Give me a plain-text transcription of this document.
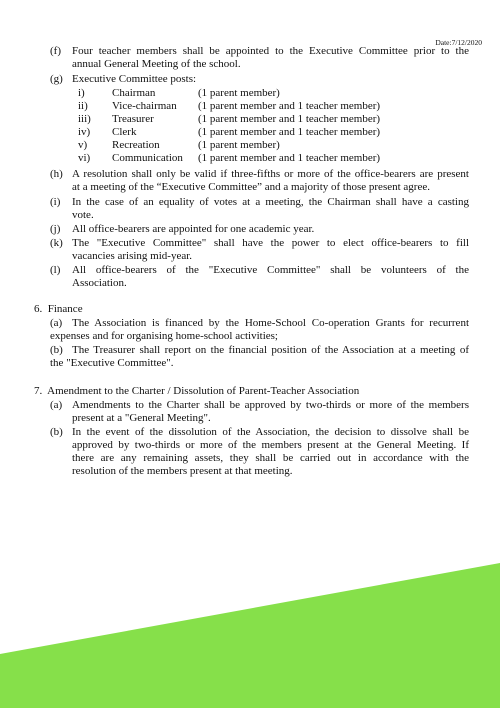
Date:7/12/2020
(f) Four teacher members shall be appointed to the Executive Committee prior to the
annual General Meeting of the school.
(g) Executive Committee posts:
i) Chairman	(1 parent member)
ii) Vice-chairman (1 parent member and 1 teacher member)
iii) Treasurer	(1 parent member and 1 teacher member)
iv) Clerk	(1 parent member and 1 teacher member)
v) Recreation	(1 parent member)
vi) Communication (1 parent member and 1 teacher member)
(h) A resolution shall only be valid if three-fifths or more of the office-bearers are present
at a meeting of the “Executive Committee” and a majority of those present agree.
(i) In the case of an equality of votes at a meeting, the Chairman shall have a casting
vote.
(j) All office-bearers are appointed for one academic year.
(k) The "Executive Committee" shall have the power to elect office-bearers to fill
vacancies arising mid-year.
(l) All office-bearers of the "Executive Committee" shall be volunteers of the
Association.
6.  Finance
(a) The Association is financed by the Home-School Co-operation Grants for recurrent
expenses and for organising home-school activities;
(b) The Treasurer shall report on the financial position of the Association at a meeting of
the "Executive Committee".
7.  Amendment to the Charter / Dissolution of Parent-Teacher Association
(a) Amendments to the Charter shall be approved by two-thirds or more of the members
present at a "General Meeting".
(b) In the event of the dissolution of the Association, the decision to dissolve shall be
approved by two-thirds or more of the members present at the General Meeting. If
there are any remaining assets, they shall be carried out in accordance with the
resolution of the members present at that meeting.
